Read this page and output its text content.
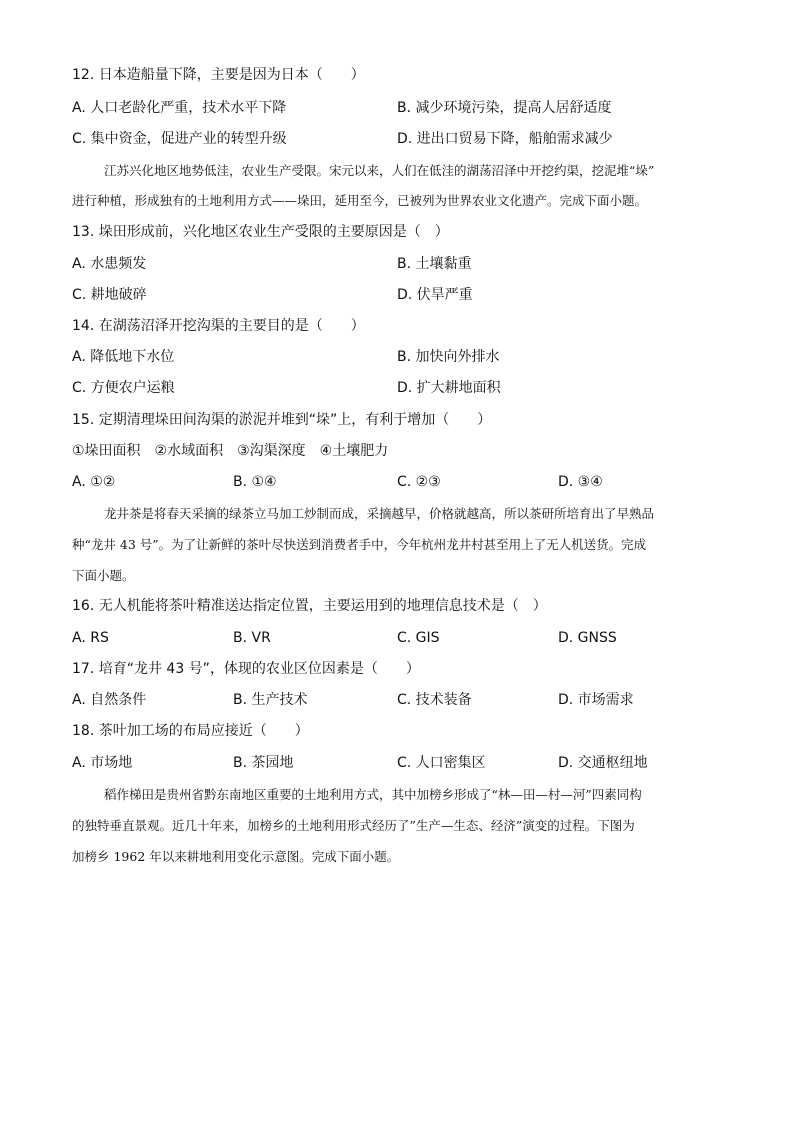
12. 日本造船量下降，主要是因为日本（　　）
A. 人口老龄化严重，技术水平下降	B. 减少环境污染，提高人居舒适度
C. 集中资金，促进产业的转型升级	D. 进出口贸易下降，船舶需求减少
江苏兴化地区地势低洼，农业生产受限。宋元以来，人们在低洼的湖荡沼泽中开挖约渠，挖泥堆“垛”
进行种植，形成独有的土地利用方式——垛田，延用至今，已被列为世界农业文化遗产。完成下面小题。
13. 垛田形成前，兴化地区农业生产受限的主要原因是（　）
A. 水患频发	B. 土壤黏重
C. 耕地破碎	D. 伏旱严重
14. 在湖荡沼泽开挖沟渠的主要目的是（　　）
A. 降低地下水位	B. 加快向外排水
C. 方便农户运粮	D. 扩大耕地面积
15. 定期清理垛田间沟渠的淤泥并堆到“垛”上，有利于增加（　　）
①垛田面积　②水域面积　③沟渠深度　④土壤肥力
A. ①②	B. ①④	C. ②③	D. ③④
龙井茶是将春天采摘的绿茶立马加工炒制而成，采摘越早，价格就越高，所以茶研所培育出了早熟品
种“龙井 43 号”。为了让新鲜的茶叶尽快送到消费者手中，今年杭州龙井村甚至用上了无人机送货。完成
下面小题。
16. 无人机能将茶叶精准送达指定位置，主要运用到的地理信息技术是（　）
A. RS	B. VR	C. GIS	D. GNSS
17. 培育“龙井 43 号”，体现的农业区位因素是（　　）
A. 自然条件	B. 生产技术	C. 技术装备	D. 市场需求
18. 茶叶加工场的布局应接近（　　）
A. 市场地	B. 茶园地	C. 人口密集区	D. 交通枢纽地
稻作梯田是贵州省黔东南地区重要的土地利用方式，其中加榜乡形成了“林—田—村—河”四素同构
的独特垂直景观。近几十年来，加榜乡的土地利用形式经历了”生产—生态、经济”演变的过程。下图为
加榜乡 1962 年以来耕地利用变化示意图。完成下面小题。
